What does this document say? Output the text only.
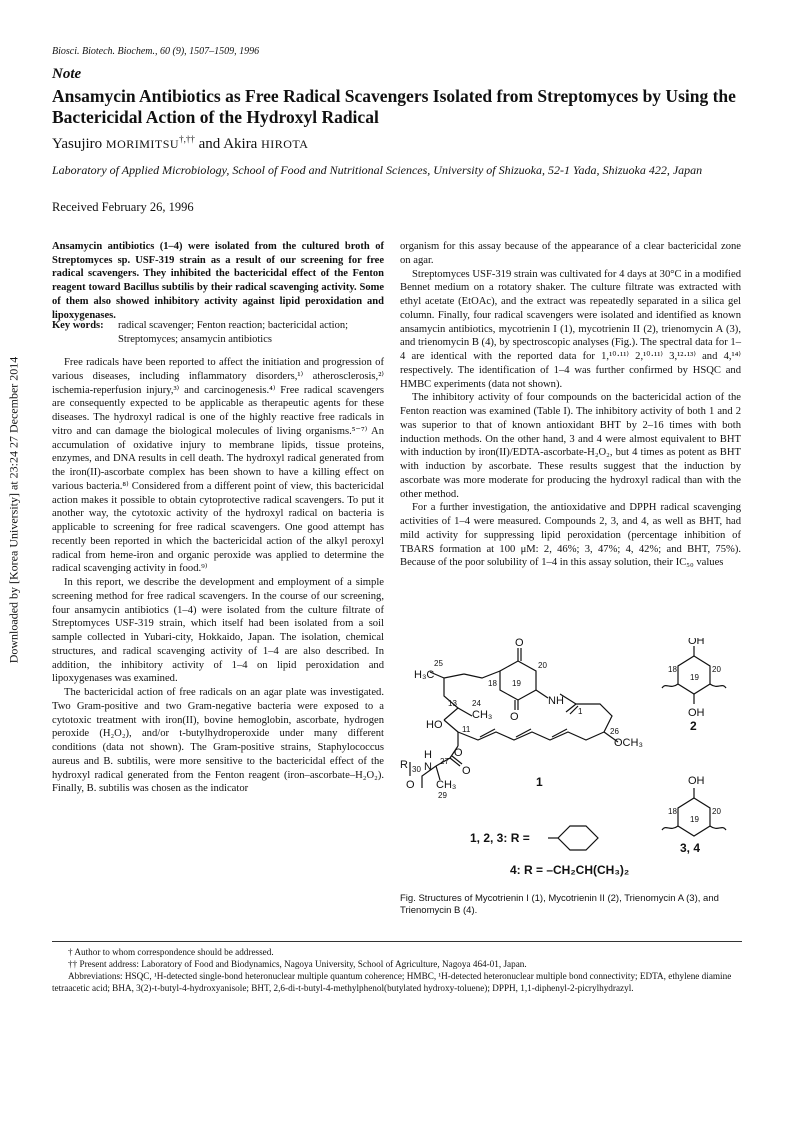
Biosci. Biotech. Biochem., 60 (9), 1507–1509, 1996
Note
Ansamycin Antibiotics as Free Radical Scavengers Isolated from Streptomyces by Using the Bactericidal Action of the Hydroxyl Radical
Yasujiro MORIMITSU†,†† and Akira HIROTA
Laboratory of Applied Microbiology, School of Food and Nutritional Sciences, University of Shizuoka, 52-1 Yada, Shizuoka 422, Japan
Received February 26, 1996
Ansamycin antibiotics (1–4) were isolated from the cultured broth of Streptomyces sp. USF-319 strain as a result of our screening for free radical scavengers. They inhibited the bactericidal effect of the Fenton reagent toward Bacillus subtilis by their radical scavenging activity. Some of them also showed inhibitory activity against lipid peroxidation and lipoxygenases.
Key words:	radical scavenger; Fenton reaction; bactericidal action; Streptomyces; ansamycin antibiotics

Free radicals have been reported to affect the initiation and progression of various diseases, including inflammatory disorders,¹⁾ atherosclerosis,²⁾ ischemia-reperfusion injury,³⁾ and carcinogenesis.⁴⁾ Free radical scavengers are consequently expected to be applicable as therapeutic agents for these diseases. The hydroxyl radical is one of the highly reactive free radicals in vitro and can damage the biological molecules of living organisms.⁵⁻⁷⁾ An accumulation of oxidative injury to membrane lipids, tissue proteins, enzymes, and DNA results in cell death. The hydroxyl radical generated from the iron(II)-ascorbate complex has been shown to have a killing effect on various bacteria.⁸⁾ Considered from a different point of view, this bactericidal action makes it possible to obtain cytoprotective radical scavengers. To put it another way, the cytotoxic activity of the hydroxyl radical on bacteria is applicable to screening for free radical scavengers. One good attempt has recently been reported in which the bactericidal action of the alkyl peroxyl radical from heme-iron and organic peroxide was applied to determine the radical scavenging activity in food.⁹⁾

In this report, we describe the development and employment of a simple screening method for free radical scavengers. In the course of our screening, four ansamycin antibiotics (1–4) were isolated from the culture filtrate of Streptomyces USF-319 strain, which itself had been isolated from a soil sample collected in Yubari-city, Hokkaido, Japan. The isolation, chemical structures, and radical scavenging activity of 1–4 are also described. In addition, the inhibitory activity of 1–4 on lipid peroxidation and lipoxygenases was examined.

The bactericidal action of free radicals on an agar plate was investigated. Two Gram-positive and two Gram-negative bacteria were exposed to a cytotoxic treatment with iron(II), bovine hemoglobin, ascorbate, hydrogen peroxide (H₂O₂), and/or t-butylhydroperoxide under many different conditions (data not shown). The Gram-positive strains, Staphylococcus aureus and B. subtilis, were more sensitive to the bactericidal effect of the hydroxyl radical generated from the Fenton reagent (iron–ascorbate–H₂O₂). Finally, B. subtilis was chosen as the indicator

organism for this assay because of the appearance of a clear bactericidal zone on agar.

Streptomyces USF-319 strain was cultivated for 4 days at 30°C in a modified Bennet medium on a rotatory shaker. The culture filtrate was extracted with ethyl acetate (EtOAc), and the extract was repeatedly separated in a silica gel column. Finally, four radical scavengers were isolated and identified as known ansamycin antibiotics, mycotrienin I (1), mycotrienin II (2), trienomycin A (3), and trienomycin B (4), by spectroscopic analyses (Fig.). The spectral data for 1–4 are identical with the reported data for 1,¹⁰·¹¹⁾ 2,¹⁰·¹¹⁾ 3,¹²·¹³⁾ and 4,¹⁴⁾ respectively. The identification of 1–4 was further confirmed by HSQC and HMBC experiments (data not shown).

The inhibitory activity of four compounds on the bactericidal action of the Fenton reaction was examined (Table I). The inhibitory activity of both 1 and 2 was superior to that of known antioxidant BHT by 2–16 times with both induction methods. On the other hand, 3 and 4 were almost equivalent to BHT with induction by iron(II)/EDTA-ascorbate-H₂O₂, but 4 times as potent as BHT with induction by ascorbate. These results suggest that the induction by ascorbate was more moderate for producing the hydroxyl radical than with the other method.

For a further investigation, the antioxidative and DPPH radical scavenging activities of 1–4 were measured. Compounds 2, 3, and 4, as well as BHT, had mild activity for suppressing lipid peroxidation (percentage inhibition of TBARS formation at 100 μM: 2, 46%; 3, 47%; 4, 42%; and BHT, 75%). Because of the poor solubility of 1–4 in this assay solution, their IC₅₀ values

Downloaded by [Korea University] at 23:24 27 December 2014	O	OH
25
H₃C
18 19
20
NH
13 24
CH₃ O	1
HO 11	26
OCH₃
O
R 30 N
H
27
O
O CH₃
29
1
OH
2
OH
3, 4
1, 2, 3: R =
4: R = –CH₂CH(CH₃)₂
18
19
20
18
19
20
Fig. Structures of Mycotrienin I (1), Mycotrienin II (2), Trienomycin A (3), and Trienomycin B (4).
† Author to whom correspondence should be addressed.
†† Present address: Laboratory of Food and Biodynamics, Nagoya University, School of Agriculture, Nagoya 464-01, Japan.
Abbreviations: HSQC, ¹H-detected single-bond heteronuclear multiple quantum coherence; HMBC, ¹H-detected heteronuclear multiple bond connectivity; EDTA, ethylene diamine tetraacetic acid; BHA, 3(2)-t-butyl-4-hydroxyanisole; BHT, 2,6-di-t-butyl-4-methylphenol(butylated hydroxy-toluene); DPPH, 1,1-diphenyl-2-picrylhydrazyl.
